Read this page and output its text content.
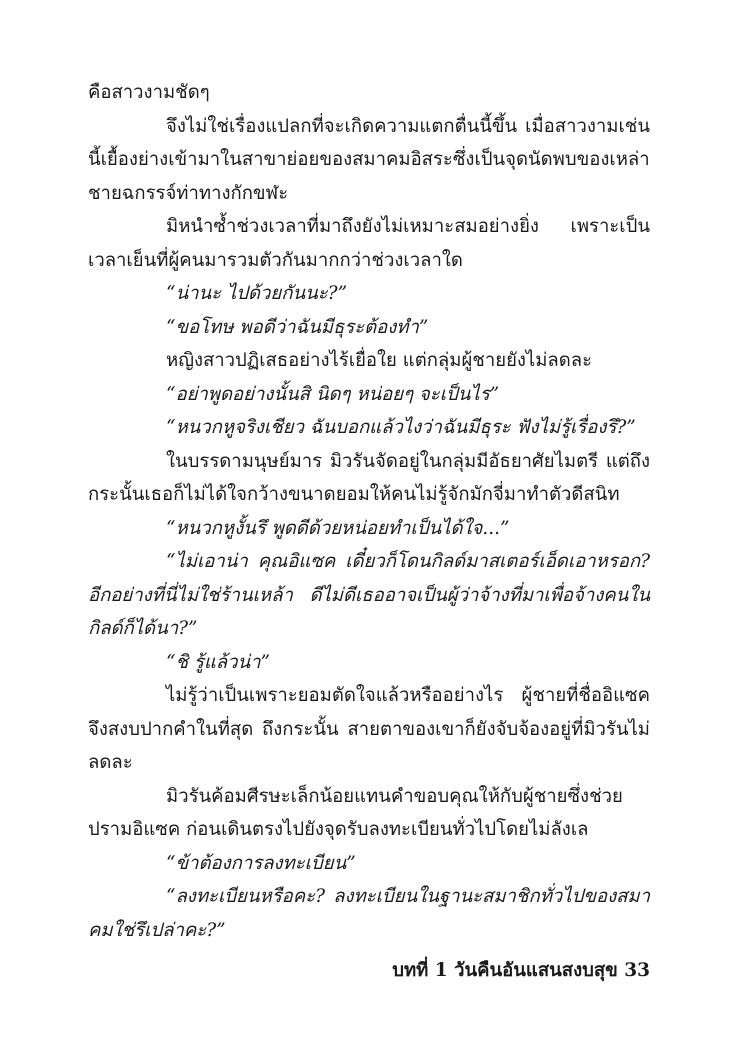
คือสาวงามชัดๆ

จึงไม่ใช่เรื่องแปลกที่จะเกิดความแตกตื่นนี้ขึ้น เมื่อสาวงามเช่นนี้เยื้องย่างเข้ามาในสาขาย่อยของสมาคมอิสระซึ่งเป็นจุดนัดพบของเหล่าชายฉกรรจ์ท่าทางกักขฬะ

มิหนำซ้ำช่วงเวลาที่มาถึงยังไม่เหมาะสมอย่างยิ่ง เพราะเป็นเวลาเย็นที่ผู้คนมารวมตัวกันมากกว่าช่วงเวลาใด

“น่านะ ไปด้วยกันนะ?”

“ขอโทษ พอดีว่าฉันมีธุระต้องทำ”

หญิงสาวปฏิเสธอย่างไร้เยื่อใย แต่กลุ่มผู้ชายยังไม่ลดละ

“อย่าพูดอย่างนั้นสิ นิดๆ หน่อยๆ จะเป็นไร”

“หนวกหูจริงเชียว ฉันบอกแล้วไงว่าฉันมีธุระ ฟังไม่รู้เรื่องรึ?”

ในบรรดามนุษย์มาร มิวรันจัดอยู่ในกลุ่มมีอัธยาศัยไมตรี แต่ถึงกระนั้นเธอก็ไม่ได้ใจกว้างขนาดยอมให้คนไม่รู้จักมักจี่มาทำตัวดีสนิท

“หนวกหูงั้นรึ พูดดีด้วยหน่อยทำเป็นได้ใจ...”

“ไม่เอาน่า คุณอิแซค เดี๋ยวก็โดนกิลด์มาสเตอร์เอ็ดเอาหรอก? อีกอย่างที่นี่ไม่ใช่ร้านเหล้า ดีไม่ดีเธออาจเป็นผู้ว่าจ้างที่มาเพื่อจ้างคนในกิลด์ก็ได้นา?”

“ชิ รู้แล้วน่า”

ไม่รู้ว่าเป็นเพราะยอมตัดใจแล้วหรืออย่างไร ผู้ชายที่ชื่ออิแซคจึงสงบปากคำในที่สุด ถึงกระนั้น สายตาของเขาก็ยังจับจ้องอยู่ที่มิวรันไม่ลดละ

มิวรันค้อมศีรษะเล็กน้อยแทนคำขอบคุณให้กับผู้ชายซึ่งช่วยปรามอิแซค ก่อนเดินตรงไปยังจุดรับลงทะเบียนทั่วไปโดยไม่ลังเล

“ข้าต้องการลงทะเบียน”

“ลงทะเบียนหรือคะ? ลงทะเบียนในฐานะสมาชิกทั่วไปของสมาคมใช่รึเปล่าคะ?”

บทที่ 1 วันคืนอันแสนสงบสุข 33
